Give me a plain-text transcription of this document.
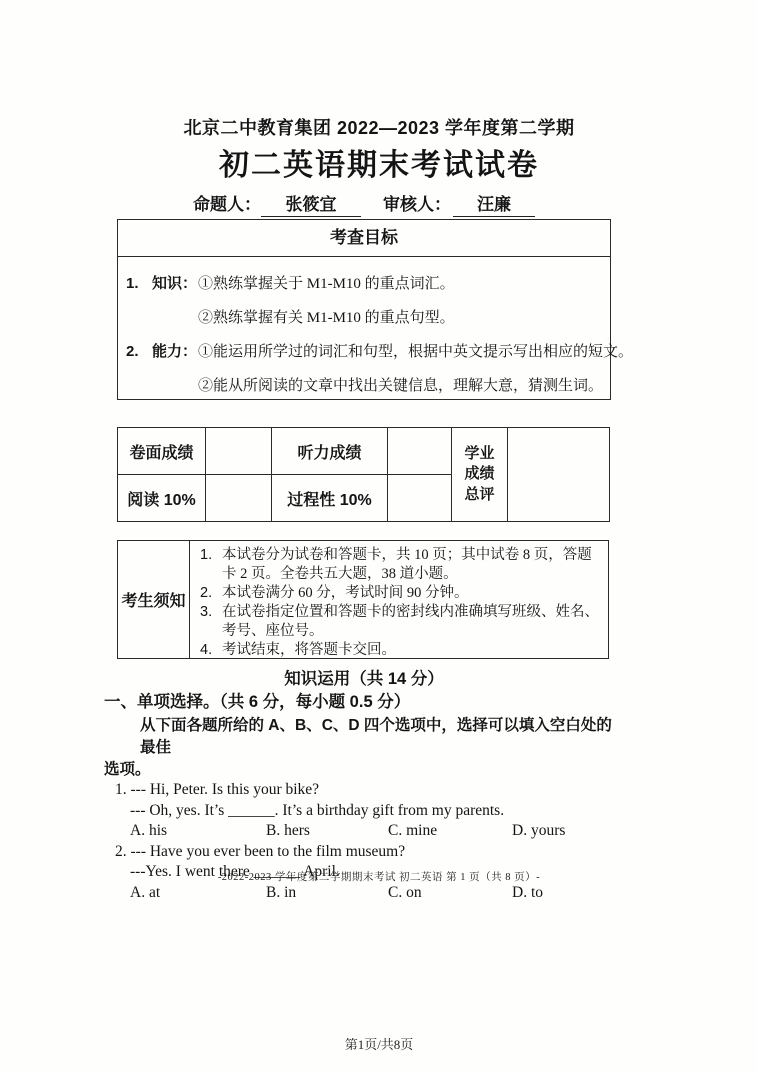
北京二中教育集团 2022—2023 学年度第二学期
初二英语期末考试试卷
命题人： 张筱宜	审核人： 汪廉
考查目标
1. 知识： ①熟练掌握关于 M1-M10 的重点词汇。
②熟练掌握有关 M1-M10 的重点句型。
2. 能力： ①能运用所学过的词汇和句型，根据中英文提示写出相应的短文。
②能从所阅读的文章中找出关键信息，理解大意，猜测生词。
卷面成绩		听力成绩		学业
成绩
总评	

阅读 10%		过程性 10%			
考生须知
1. 本试卷分为试卷和答题卡，共 10 页；其中试卷 8 页，答题卡 2 页。全卷共五大题，38 道小题。
2. 本试卷满分 60 分，考试时间 90 分钟。
3. 在试卷指定位置和答题卡的密封线内准确填写班级、姓名、考号、座位号。
4. 考试结束，将答题卡交回。
知识运用（共 14 分）
一、单项选择。（共 6 分，每小题 0.5 分）
从下面各题所给的 A、B、C、D 四个选项中，选择可以填入空白处的最佳
选项。
1. --- Hi, Peter. Is this your bike?
--- Oh, yes. It’s ______. It’s a birthday gift from my parents.
A. his	B. hers	C. mine	D. yours
2. --- Have you ever been to the film museum?
---Yes. I went there ______ April.
A. at	B. in	C. on	D. to
-2022-2023 学年度第二学期期末考试 初二英语 第 1 页（共 8 页）-
第1页/共8页
